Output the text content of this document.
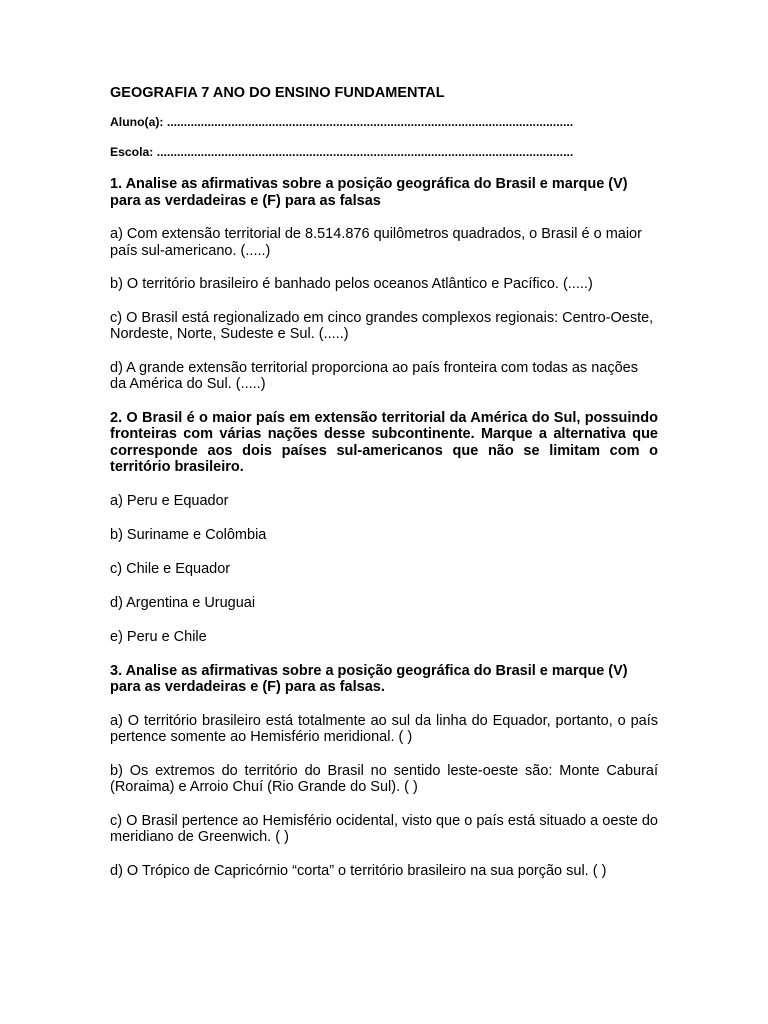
GEOGRAFIA 7 ANO DO ENSINO FUNDAMENTAL
Aluno(a): ........................................................................................................................
Escola: ...........................................................................................................................
1. Analise as afirmativas sobre a posição geográfica do Brasil e marque (V) para as verdadeiras e (F) para as falsas
a) Com extensão territorial de 8.514.876 quilômetros quadrados, o Brasil é o maior país sul-americano. (.....)
b) O território brasileiro é banhado pelos oceanos Atlântico e Pacífico. (.....)
c) O Brasil está regionalizado em cinco grandes complexos regionais: Centro-Oeste, Nordeste, Norte, Sudeste e Sul. (.....)
d) A grande extensão territorial proporciona ao país fronteira com todas as nações da América do Sul. (.....)
2. O Brasil é o maior país em extensão territorial da América do Sul, possuindo fronteiras com várias nações desse subcontinente. Marque a alternativa que corresponde aos dois países sul-americanos que não se limitam com o território brasileiro.
a) Peru e Equador
b) Suriname e Colômbia
c) Chile e Equador
d) Argentina e Uruguai
e) Peru e Chile
3. Analise as afirmativas sobre a posição geográfica do Brasil e marque (V) para as verdadeiras e (F) para as falsas.
a) O território brasileiro está totalmente ao sul da linha do Equador, portanto, o país pertence somente ao Hemisfério meridional. ( )
b) Os extremos do território do Brasil no sentido leste-oeste são: Monte Caburaí (Roraima) e Arroio Chuí (Rio Grande do Sul). ( )
c) O Brasil pertence ao Hemisfério ocidental, visto que o país está situado a oeste do meridiano de Greenwich. ( )
d) O Trópico de Capricórnio “corta” o território brasileiro na sua porção sul. ( )
